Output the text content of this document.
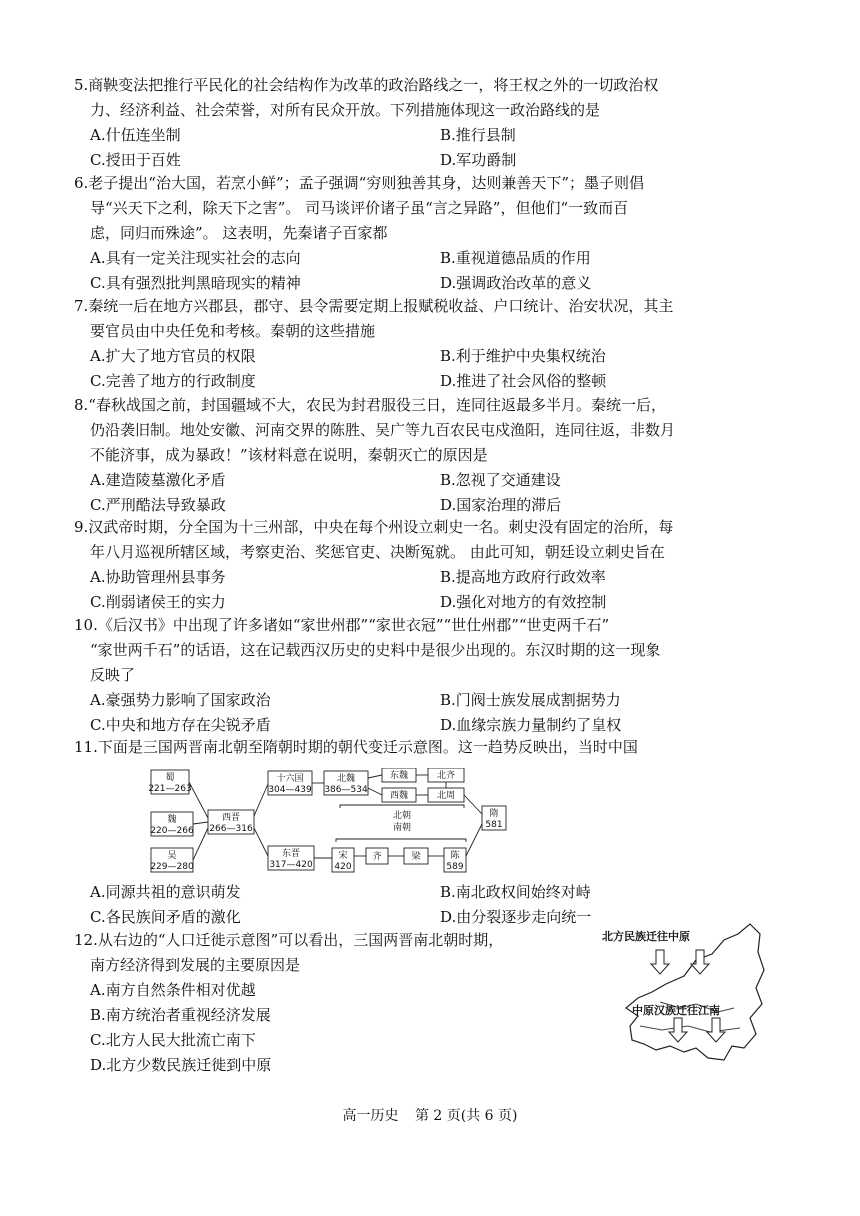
5.商鞅变法把推行平民化的社会结构作为改革的政治路线之一，将王权之外的一切政治权
力、经济利益、社会荣誉，对所有民众开放。下列措施体现这一政治路线的是
A.什伍连坐制	B.推行县制
C.授田于百姓	D.军功爵制
6.老子提出“治大国，若烹小鲜”；孟子强调“穷则独善其身，达则兼善天下”；墨子则倡
导“兴天下之利，除天下之害”。 司马谈评价诸子虽“言之异路”，但他们“一致而百
虑，同归而殊途”。 这表明，先秦诸子百家都
A.具有一定关注现实社会的志向	B.重视道德品质的作用
C.具有强烈批判黑暗现实的精神	D.强调政治改革的意义
7.秦统一后在地方兴郡县，郡守、县令需要定期上报赋税收益、户口统计、治安状况，其主
要官员由中央任免和考核。秦朝的这些措施
A.扩大了地方官员的权限	B.利于维护中央集权统治
C.完善了地方的行政制度	D.推进了社会风俗的整顿
8.“春秋战国之前，封国疆域不大，农民为封君服役三日，连同往返最多半月。秦统一后，
仍沿袭旧制。地处安徽、河南交界的陈胜、吴广等九百农民屯戍渔阳，连同往返，非数月
不能济事，成为暴政！”该材料意在说明，秦朝灭亡的原因是
A.建造陵墓激化矛盾	B.忽视了交通建设
C.严刑酷法导致暴政	D.国家治理的滞后
9.汉武帝时期，分全国为十三州部，中央在每个州设立刺史一名。刺史没有固定的治所，每
年八月巡视所辖区域，考察吏治、奖惩官吏、决断冤就。 由此可知，朝廷设立刺史旨在
A.协助管理州县事务	B.提高地方政府行政效率
C.削弱诸侯王的实力	D.强化对地方的有效控制
10.《后汉书》中出现了许多诸如“家世州郡”“家世衣冠”“世仕州郡”“世吏两千石”
“家世两千石”的话语，这在记载西汉历史的史料中是很少出现的。东汉时期的这一现象
反映了
A.豪强势力影响了国家政治	B.门阀士族发展成割据势力
C.中央和地方存在尖锐矛盾	D.血缘宗族力量制约了皇权
11.下面是三国两晋南北朝至隋朝时期的朝代变迁示意图。这一趋势反映出，当时中国
蜀
221—263
魏
220—266
吴
229—280
西晋
266—316
十六国
304—439
北魏
386—534
东魏	北齐
西魏	北周
北朝
南朝
隋
581
东晋
317—420
宋
420
齐	梁	陈
589
A.同源共祖的意识萌发	B.南北政权间始终对峙
C.各民族间矛盾的激化	D.由分裂逐步走向统一
12.从右边的“人口迁徙示意图”可以看出，三国两晋南北朝时期，
南方经济得到发展的主要原因是
A.南方自然条件相对优越
B.南方统治者重视经济发展
C.北方人民大批流亡南下
D.北方少数民族迁徙到中原
北方民族迁往中原
中原汉族迁往江南
高一历史 第 2 页(共 6 页)
